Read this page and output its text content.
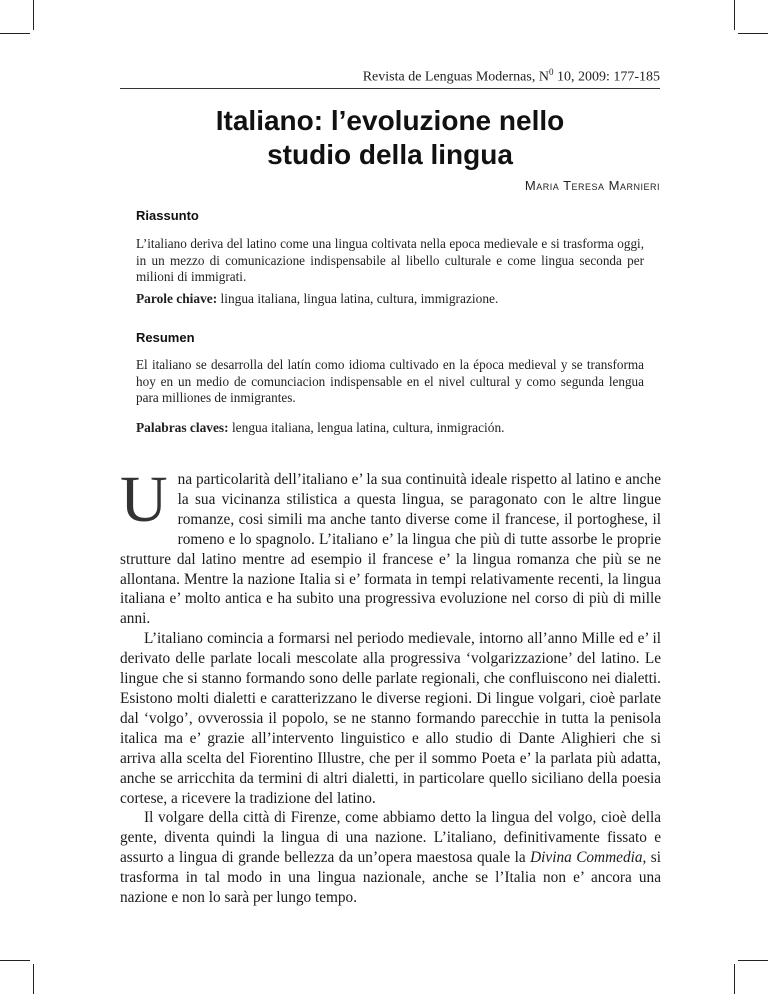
Revista de Lenguas Modernas, $N^0$ 10, 2009: 177-185
Italiano: l’evoluzione nello
studio della lingua
Maria Teresa Marnieri
Riassunto
L’italiano deriva del latino come una lingua coltivata nella epoca medievale e si trasforma oggi, in un mezzo di comunicazione indispensabile al libello culturale e come lingua seconda per milioni di immigrati.
Parole chiave: lingua italiana, lingua latina, cultura, immigrazione.
Resumen
El italiano se desarrolla del latín como idioma cultivado en la época medieval y se transforma hoy en un medio de comunciacion indispensable en el nivel cultural y como segunda lengua para milliones de inmigrantes.
Palabras claves: lengua italiana, lengua latina, cultura, inmigración.

Una particolarità dell’italiano e’ la sua continuità ideale rispetto al latino e anche la sua vicinanza stilistica a questa lingua, se paragonato con le altre lingue romanze, cosi simili ma anche tanto diverse come il francese, il portoghese, il romeno e lo spagnolo. L’italiano e’ la lingua che più di tutte assorbe le proprie strutture dal latino mentre ad esempio il francese e’ la lingua romanza che più se ne allontana. Mentre la nazione Italia si e’ formata in tempi relativamente recenti, la lingua italiana e’ molto antica e ha subito una progressiva evoluzione nel corso di più di mille anni.

L’italiano comincia a formarsi nel periodo medievale, intorno all’anno Mille ed e’ il derivato delle parlate locali mescolate alla progressiva ‘volgarizzazione’ del latino. Le lingue che si stanno formando sono delle parlate regionali, che confluiscono nei dialetti. Esistono molti dialetti e caratterizzano le diverse regioni. Di lingue volgari, cioè parlate dal ‘volgo’, ovverossia il popolo, se ne stanno formando parecchie in tutta la penisola italica ma e’ grazie all’intervento linguistico e allo studio di Dante Alighieri che si arriva alla scelta del Fiorentino Illustre, che per il sommo Poeta e’ la parlata più adatta, anche se arricchita da termini di altri dialetti, in particolare quello siciliano della poesia cortese, a ricevere la tradizione del latino.

Il volgare della città di Firenze, come abbiamo detto la lingua del volgo, cioè della gente, diventa quindi la lingua di una nazione. L’italiano, definitivamente fissato e assurto a lingua di grande bellezza da un’opera maestosa quale la Divina Commedia, si trasforma in tal modo in una lingua nazionale, anche se l’Italia non e’ ancora una nazione e non lo sarà per lungo tempo.
